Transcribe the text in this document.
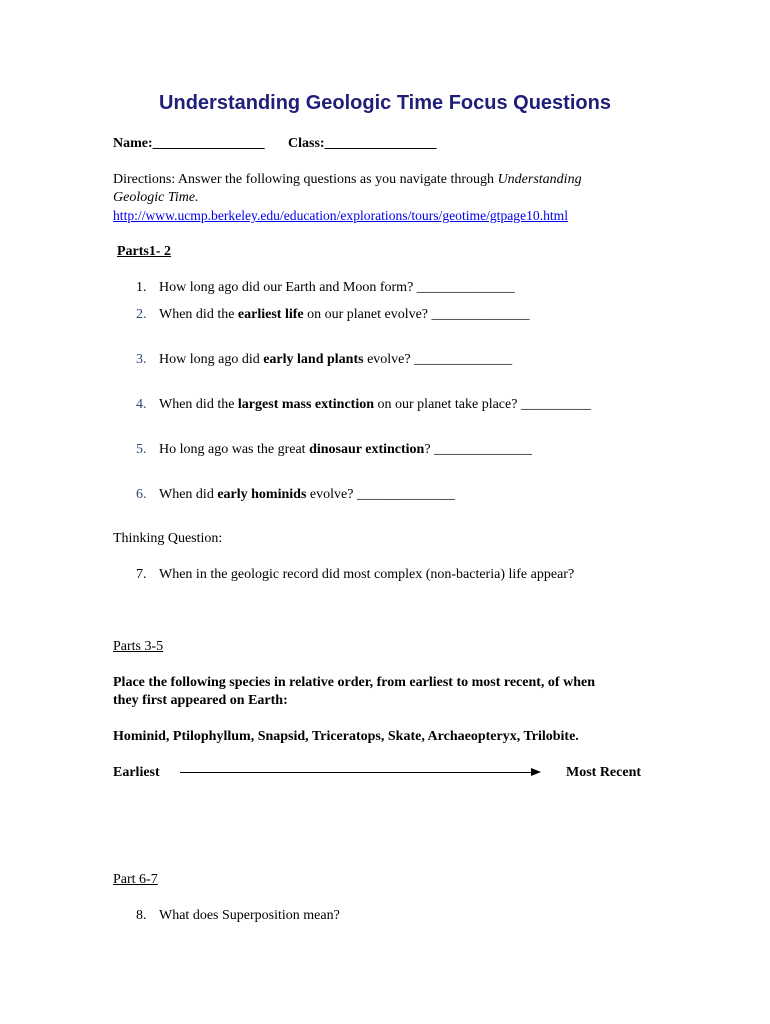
Understanding Geologic Time Focus Questions
Name:________________ Class:________________
Directions: Answer the following questions as you navigate through Understanding
Geologic Time.
http://www.ucmp.berkeley.edu/education/explorations/tours/geotime/gtpage10.html
Parts1- 2
1. How long ago did our Earth and Moon form? ______________
2. When did the earliest life on our planet evolve? ______________
3. How long ago did early land plants evolve? ______________
4. When did the largest mass extinction on our planet take place? __________
5. Ho long ago was the great dinosaur extinction? ______________
6. When did early hominids evolve? ______________
Thinking Question:
7. When in the geologic record did most complex (non-bacteria) life appear?
Parts 3-5
Place the following species in relative order, from earliest to most recent, of when
they first appeared on Earth:
Hominid, Ptilophyllum, Snapsid, Triceratops, Skate, Archaeopteryx, Trilobite.
Earliest	Most Recent
Part 6-7
8. What does Superposition mean?
